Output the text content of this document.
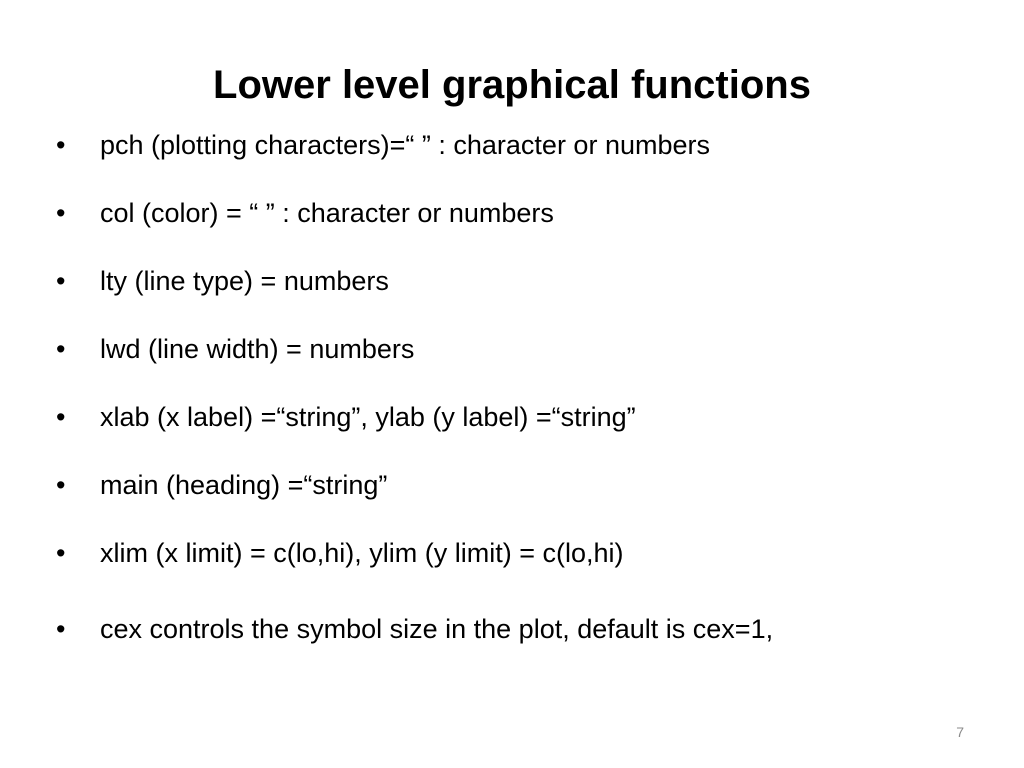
Lower level graphical functions
•	pch (plotting characters)=“ ” : character or numbers
•	col (color) = “ ” : character or numbers
•	lty (line type) = numbers
•	lwd (line width) = numbers
•	xlab (x label) =“string”, ylab (y label) =“string”
•	main (heading) =“string”
•	xlim (x limit) = c(lo,hi), ylim (y limit) = c(lo,hi)
•	cex controls the symbol size in the plot, default is cex=1,
7
